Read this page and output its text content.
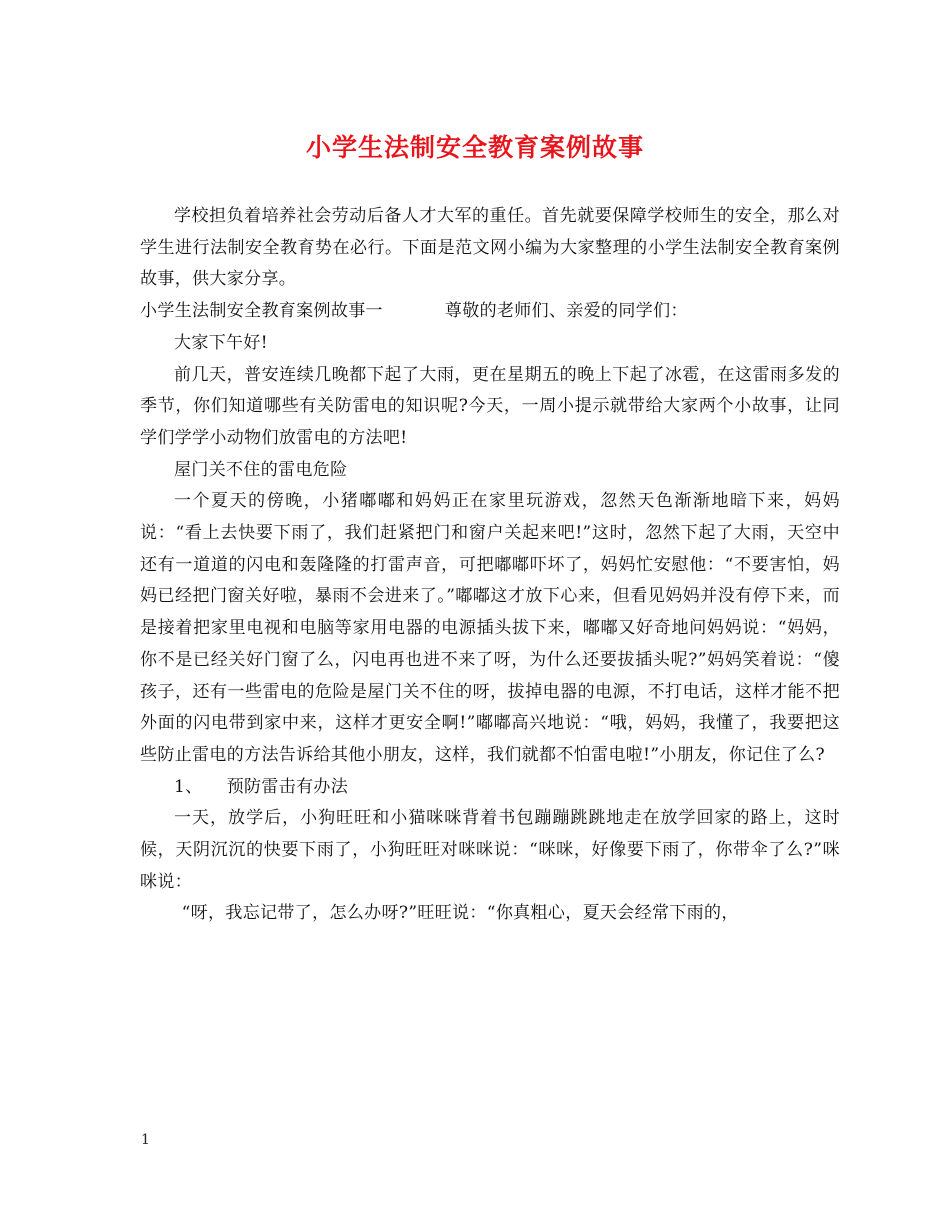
小学生法制安全教育案例故事

学校担负着培养社会劳动后备人才大军的重任。首先就要保障学校师生的安全，那么对学生进行法制安全教育势在必行。下面是范文网小编为大家整理的小学生法制安全教育案例故事，供大家分享。

小学生法制安全教育案例故事一	尊敬的老师们、亲爱的同学们：

大家下午好!

前几天，普安连续几晚都下起了大雨，更在星期五的晚上下起了冰雹，在这雷雨多发的季节，你们知道哪些有关防雷电的知识呢?今天，一周小提示就带给大家两个小故事，让同学们学学小动物们放雷电的方法吧!

屋门关不住的雷电危险

一个夏天的傍晚，小猪嘟嘟和妈妈正在家里玩游戏，忽然天色渐渐地暗下来，妈妈说：“看上去快要下雨了，我们赶紧把门和窗户关起来吧!”这时，忽然下起了大雨，天空中还有一道道的闪电和轰隆隆的打雷声音，可把嘟嘟吓坏了，妈妈忙安慰他：“不要害怕，妈妈已经把门窗关好啦，暴雨不会进来了。”嘟嘟这才放下心来，但看见妈妈并没有停下来，而是接着把家里电视和电脑等家用电器的电源插头拔下来，嘟嘟又好奇地问妈妈说：“妈妈，你不是已经关好门窗了么，闪电再也进不来了呀，为什么还要拔插头呢?”妈妈笑着说：“傻孩子，还有一些雷电的危险是屋门关不住的呀，拔掉电器的电源，不打电话，这样才能不把外面的闪电带到家中来，这样才更安全啊!”嘟嘟高兴地说：“哦，妈妈，我懂了，我要把这些防止雷电的方法告诉给其他小朋友，这样，我们就都不怕雷电啦!”小朋友，你记住了么?

1、 预防雷击有办法

一天，放学后，小狗旺旺和小猫咪咪背着书包蹦蹦跳跳地走在放学回家的路上，这时候，天阴沉沉的快要下雨了，小狗旺旺对咪咪说：“咪咪，好像要下雨了，你带伞了么?”咪咪说：

“呀，我忘记带了，怎么办呀?”旺旺说：“你真粗心，夏天会经常下雨的，

1
